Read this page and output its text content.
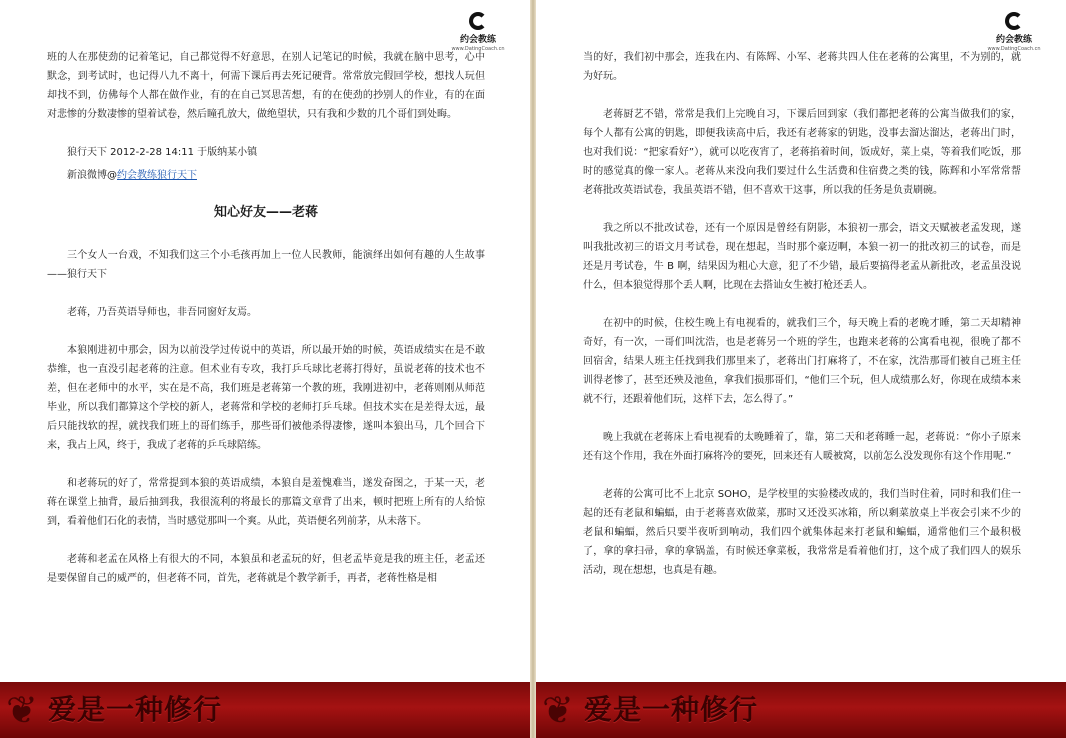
约会教练
www.DatingCoach.cn

班的人在那使劲的记着笔记，自己都觉得不好意思，在别人记笔记的时候，我就在脑中思考，心中默念，到考试时，也记得八九不离十，何需下课后再去死记硬背。常常放完假回学校，想找人玩但却找不到，仿佛每个人都在做作业，有的在自己冥思苦想，有的在使劲的抄别人的作业，有的在面对悲惨的分数凄惨的望着试卷，然后瞳孔放大，做绝望状，只有我和少数的几个哥们到处晦。

狼行天下 2012-2-28 14:11 于版纳某小镇

新浪微博@约会教练狼行天下

知心好友——老蒋

三个女人一台戏，不知我们这三个小毛孩再加上一位人民教师，能演绎出如何有趣的人生故事——狼行天下

老蒋，乃吾英语导师也，非吾同窗好友焉。

本狼刚进初中那会，因为以前没学过传说中的英语，所以最开始的时候，英语成绩实在是不敢恭维，也一直没引起老蒋的注意。但术业有专攻，我打乒乓球比老蒋打得好，虽说老蒋的技术也不差，但在老师中的水平，实在是不高，我们班是老蒋第一个教的班，我刚进初中，老蒋则刚从师范毕业，所以我们都算这个学校的新人，老蒋常和学校的老师打乒乓球。但技术实在是差得太远，最后只能找软的捏，就找我们班上的哥们练手，那些哥们被他杀得凄惨，遂叫本狼出马，几个回合下来，我占上风，终于，我成了老蒋的乒乓球陪练。

和老蒋玩的好了，常常提到本狼的英语成绩，本狼自是羞愧难当，遂发奋图之，于某一天，老蒋在课堂上抽背，最后抽到我，我很流利的将最长的那篇文章背了出来，顿时把班上所有的人给惊到，看着他们石化的表情，当时感觉那叫一个爽。从此，英语便名列前茅，从未落下。

老蒋和老孟在风格上有很大的不同，本狼虽和老孟玩的好，但老孟毕竟是我的班主任，老孟还是要保留自己的威严的，但老蒋不同，首先，老蒋就是个教学新手，再者，老蒋性格是相

❦ 爱是一种修行
约会教练
www.DatingCoach.cn

当的好，我们初中那会，连我在内、有陈辉、小军、老蒋共四人住在老蒋的公寓里，不为别的，就为好玩。

老蒋厨艺不错，常常是我们上完晚自习，下课后回到家（我们都把老蒋的公寓当做我们的家，每个人都有公寓的钥匙，即便我读高中后，我还有老蒋家的钥匙，没事去溜达溜达，老蒋出门时，也对我们说：“把家看好”），就可以吃夜宵了，老蒋掐着时间，饭成好，菜上桌，等着我们吃饭，那时的感觉真的像一家人。老蒋从来没向我们要过什么生活费和住宿费之类的钱，陈辉和小军常常帮老蒋批改英语试卷，我虽英语不错，但不喜欢干这事，所以我的任务是负责刷碗。

我之所以不批改试卷，还有一个原因是曾经有阴影，本狼初一那会，语文天赋被老孟发现，遂叫我批改初三的语文月考试卷，现在想起，当时那个豪迈啊，本狼一初一的批改初三的试卷，而是还是月考试卷，牛 B 啊，结果因为粗心大意，犯了不少错，最后要搞得老孟从新批改，老孟虽没说什么，但本狼觉得那个丢人啊，比现在去搭讪女生被打枪还丢人。

在初中的时候，住校生晚上有电视看的，就我们三个，每天晚上看的老晚才睡，第二天却精神奇好，有一次，一哥们叫沈浩，也是老蒋另一个班的学生，也跑来老蒋的公寓看电视，很晚了都不回宿舍，结果人班主任找到我们那里来了，老蒋出门打麻将了，不在家，沈浩那哥们被自己班主任训得老惨了，甚至还殃及池鱼，拿我们损那哥们，“他们三个玩，但人成绩那么好，你现在成绩本来就不行，还跟着他们玩，这样下去，怎么得了。”

晚上我就在老蒋床上看电视看的太晚睡着了，靠，第二天和老蒋睡一起，老蒋说：“你小子原来还有这个作用，我在外面打麻将冷的要死，回来还有人暖被窝，以前怎么没发现你有这个作用呢.”

老蒋的公寓可比不上北京 SOHO，是学校里的实验楼改成的，我们当时住着，同时和我们住一起的还有老鼠和蝙蝠，由于老蒋喜欢做菜，那时又还没买冰箱，所以剩菜放桌上半夜会引来不少的老鼠和蝙蝠，然后只要半夜听到响动，我们四个就集体起来打老鼠和蝙蝠，通常他们三个最积极了，拿的拿扫帚，拿的拿锅盖，有时候还拿菜板，我常常是看着他们打，这个成了我们四人的娱乐活动，现在想想，也真是有趣。

❦ 爱是一种修行
